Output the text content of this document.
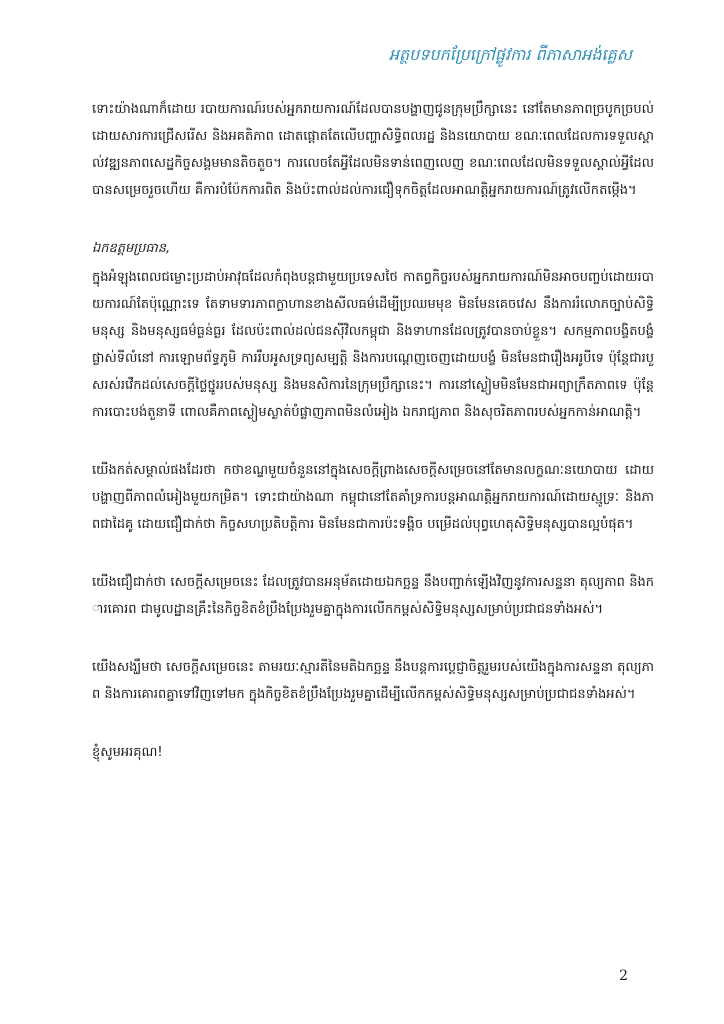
អត្ថបទបកប្រែក្រៅផ្លូវការ ពីភាសាអង់គ្លេស

ទោះយ៉ាងណាក៏ដោយ របាយការណ៍របស់អ្នករាយការណ៍ដែលបានបង្ហាញជូនក្រុមប្រឹក្សានេះ នៅតែមានភាពច្របូកច្របល់ដោយសារការជ្រើសរើស និងអគតិភាព ដោតផ្តោតតែលើបញ្ហាសិទ្ធិពលរដ្ឋ និងនយោបាយ ខណៈពេលដែលការទទួលស្គាល់វឌ្ឍនភាពសេដ្ឋកិច្ចសង្គមមានតិចតួច។ ការលេចតែអ្វីដែលមិនទាន់ពេញលេញ ខណៈពេលដែលមិនទទួលស្គាល់អ្វីដែលបានសម្រេចរួចហើយ គឺការបំប៉ែកការពិត និងប៉ះពាល់ដល់ការជឿទុកចិត្តដែលអាណត្តិអ្នករាយការណ៍ត្រូវលើកតម្កើង។

ឯកឧត្តមប្រធាន,

ក្នុងអំឡុងពេលជម្លោះប្រដាប់អាវុធដែលកំពុងបន្តជាមួយប្រទេសថៃ កាតព្វកិច្ចរបស់អ្នករាយការណ៍មិនអាចបញ្ចប់ដោយរបាយការណ៍តែប៉ុណ្ណោះទេ តែទាមទារភាពក្លាហានខាងសីលធម៌ដើម្បីប្រឈមមុខ មិនមែនគេចវេស នឹងការរំលោភច្បាប់សិទ្ធិមនុស្ស និងមនុស្សធម៌ធ្ងន់ធ្ងរ ដែលប៉ះពាល់ដល់ជនស៊ីវិលកម្ពុជា និងទាហានដែលត្រូវបានចាប់ខ្លួន។ សកម្មភាពបង្ខិតបង្ខំផ្លាស់ទីលំនៅ ការឡោមព័ទ្ធភូមិ ការរឹបអូសទ្រព្យសម្បត្តិ និងការបណ្តេញចេញដោយបង្ខំ មិនមែនជារឿងអរូបីទេ ប៉ុន្តែជារបួសរស់រវើកដល់សេចក្តីថ្លៃថ្នូររបស់មនុស្ស និងមនសិការនៃក្រុមប្រឹក្សានេះ។ ការនៅស្ងៀមមិនមែនជាអព្យាក្រឹតភាពទេ ប៉ុន្តែការបោះបង់តួនាទី ពោលគឺភាពស្ងៀមស្ងាត់បំផ្លាញភាពមិនលំអៀង ឯករាជ្យភាព និងសុចរិតភាពរបស់អ្នកកាន់អាណត្តិ។

យើងកត់សម្គាល់ផងដែរថា កថាខណ្ឌមួយចំនួននៅក្នុងសេចក្តីព្រាងសេចក្តីសម្រេចនៅតែមានលក្ខណៈនយោបាយ ដោយបង្ហាញពីភាពលំអៀងមួយកម្រិត។ ទោះជាយ៉ាងណា កម្ពុជានៅតែគាំទ្រការបន្តអាណត្តិអ្នករាយការណ៍ដោយស្មូទ្រៈ និងភាពជាដៃគូ ដោយជឿជាក់ថា កិច្ចសហប្រតិបត្តិការ មិនមែនជាការប៉ះទង្គិច បម្រើដល់បុព្វហេតុសិទ្ធិមនុស្សបានល្អបំផុត។

យើងជឿជាក់ថា សេចក្តីសម្រេចនេះ ដែលត្រូវបានអនុម័តដោយឯកច្ឆន្ទ នឹងបញ្ជាក់ឡើងវិញនូវការសន្ទនា តុល្យភាព និងការគោរព ជាមូលដ្ឋានគ្រឹះនៃកិច្ចខិតខំប្រឹងប្រែងរួមគ្នាក្នុងការលើកកម្ពស់សិទ្ធិមនុស្សសម្រាប់ប្រជាជនទាំងអស់។

យើងសង្ឃឹមថា សេចក្តីសម្រេចនេះ តាមរយៈស្មារតីនៃមតិឯកច្ឆន្ទ នឹងបន្តការប្តេជ្ញាចិត្តរួមរបស់យើងក្នុងការសន្ទនា តុល្យភាព និងការគោរពគ្នាទៅវិញទៅមក ក្នុងកិច្ចខិតខំប្រឹងប្រែងរួមគ្នាដើម្បីលើកកម្ពស់សិទ្ធិមនុស្សសម្រាប់ប្រជាជនទាំងអស់។

ខ្ញុំសូមអរគុណ!

2
